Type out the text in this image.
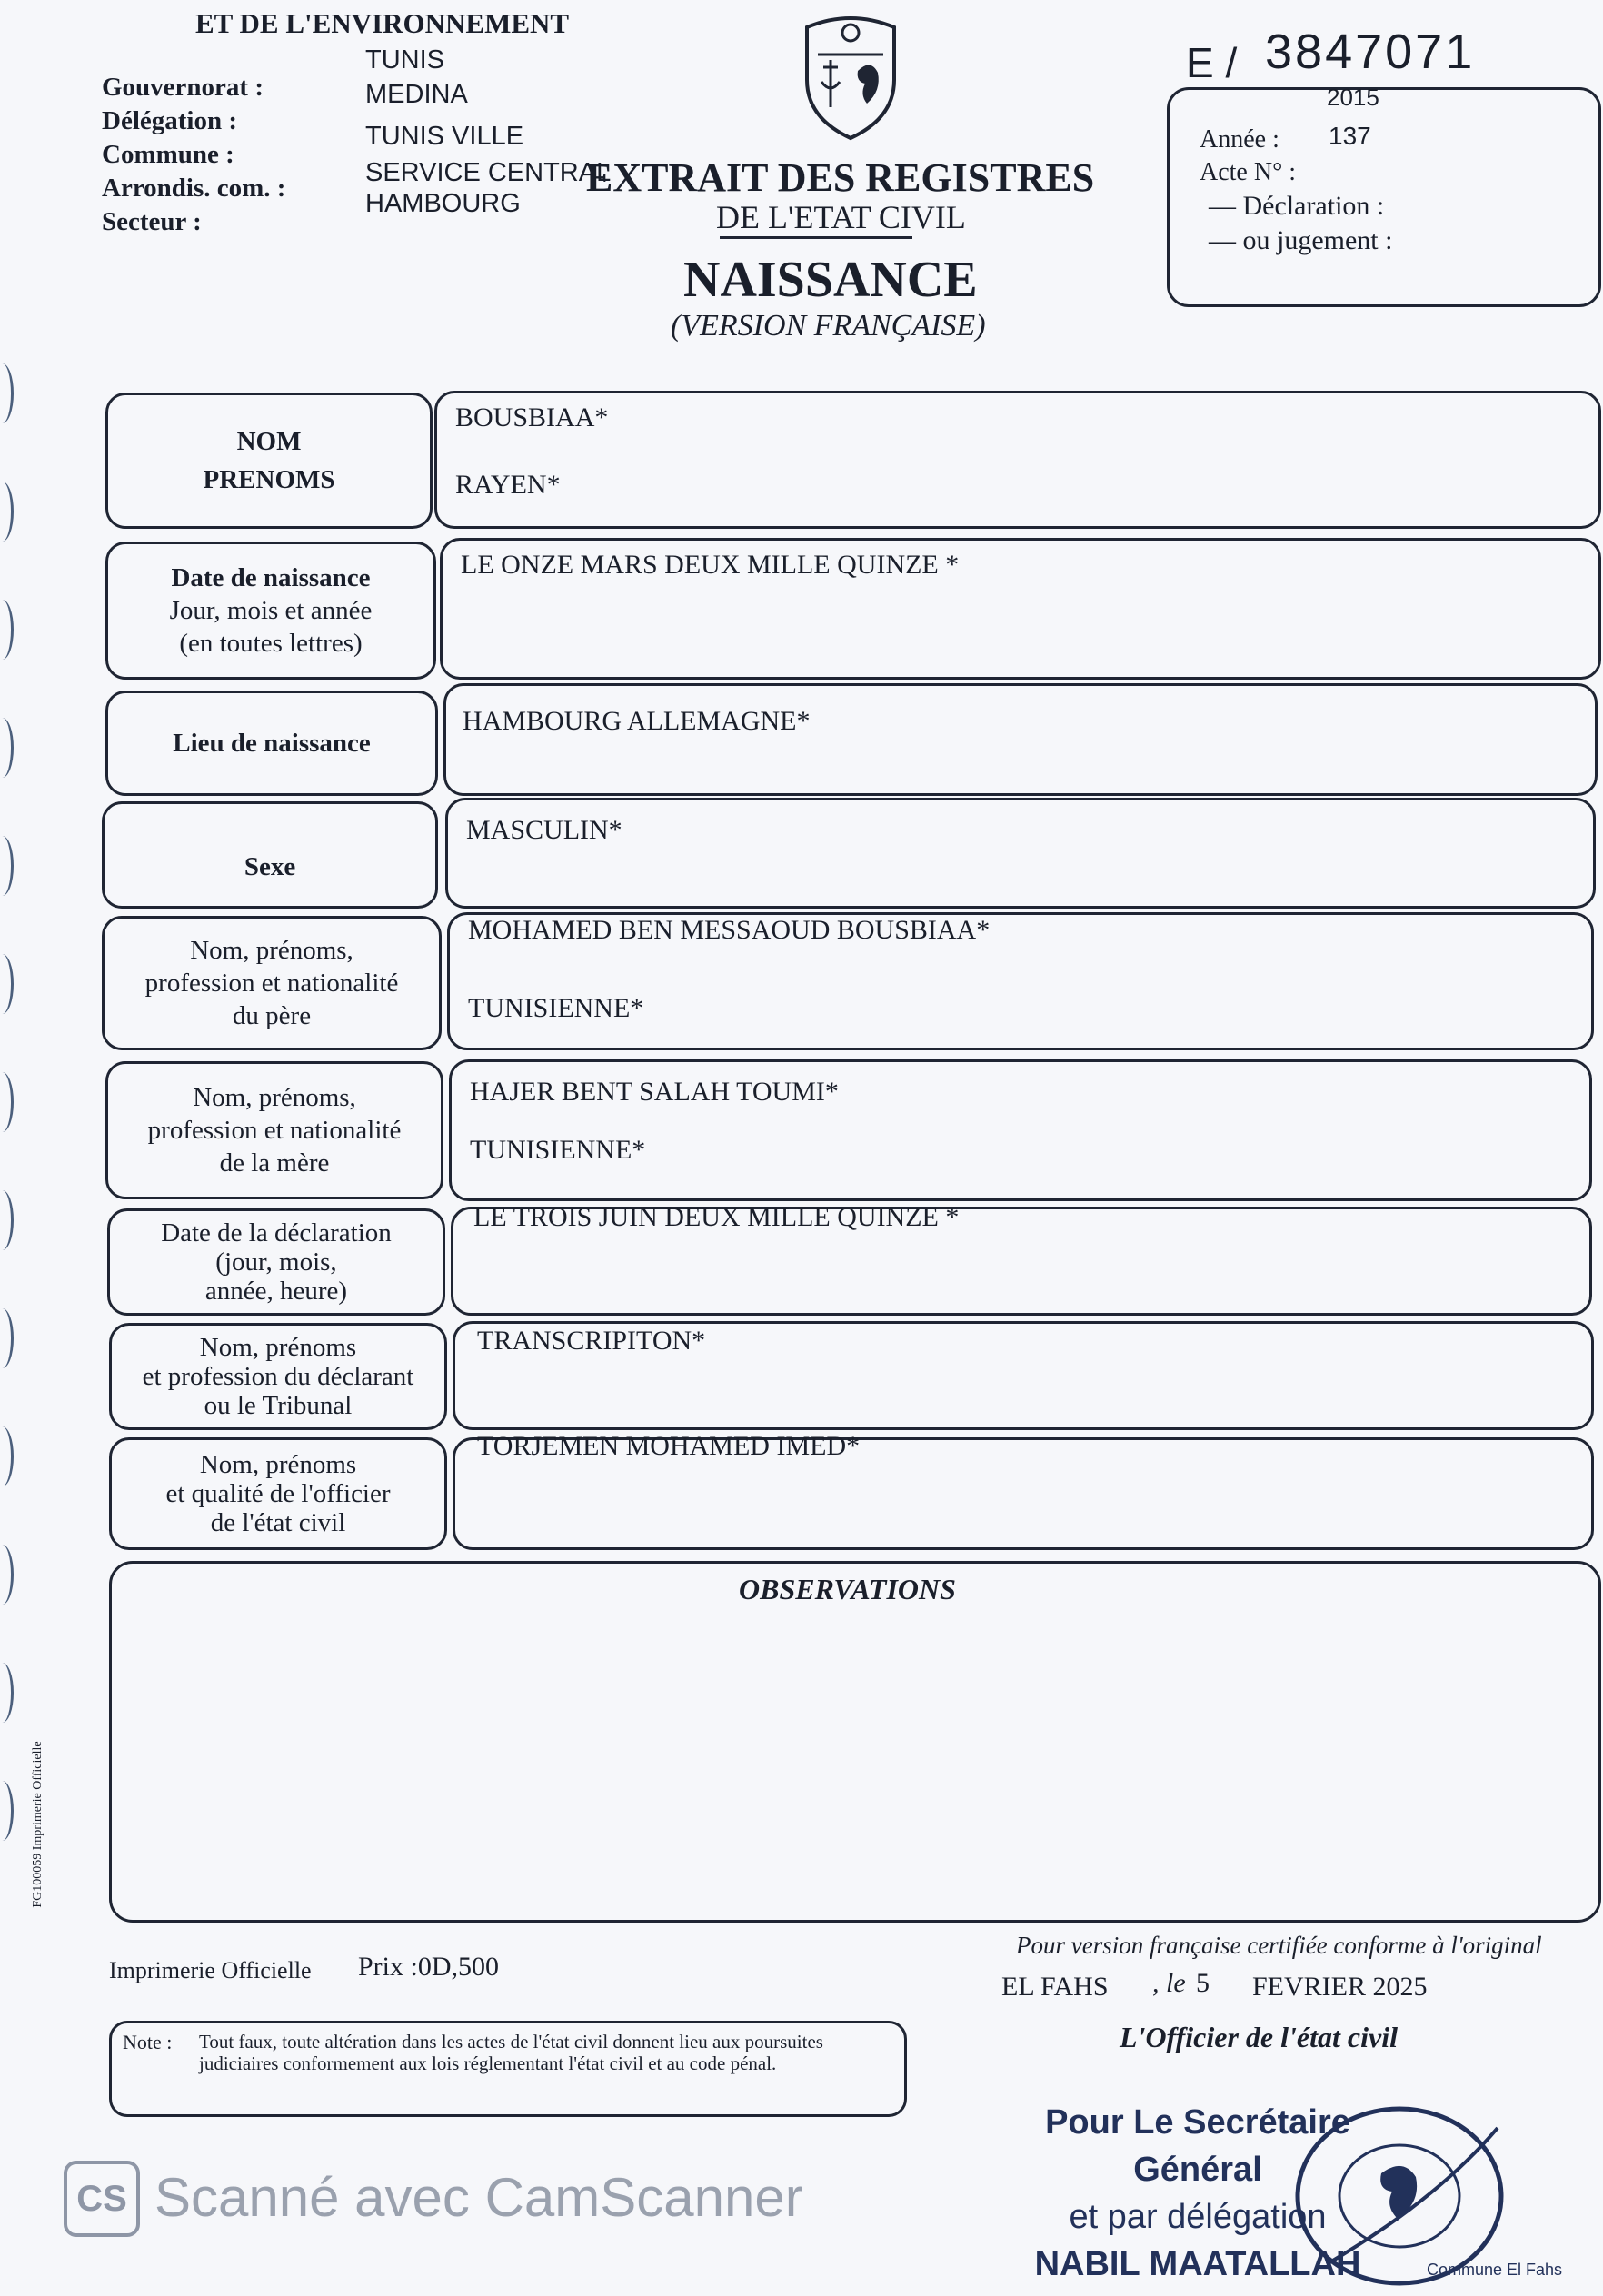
ET DE L'ENVIRONNEMENT
Gouvernorat :
Délégation :
Commune :
Arrondis. com. :
Secteur :
TUNIS
MEDINA
TUNIS VILLE
SERVICE CENTRAL
HAMBOURG
EXTRAIT DES REGISTRES
DE L'ETAT CIVIL
NAISSANCE
(VERSION FRANÇAISE)
E / 3847071
2015
Année : 137
Acte N° :
— Déclaration :
— ou jugement :
NOM
PRENOMS
BOUSBIAA*
RAYEN*
Date de naissance
Jour, mois et année
(en toutes lettres)
LE ONZE MARS DEUX MILLE QUINZE *
Lieu de naissance
HAMBOURG ALLEMAGNE*
Sexe
MASCULIN*
Nom, prénoms,
profession et nationalité
du père
MOHAMED BEN MESSAOUD BOUSBIAA*
TUNISIENNE*
Nom, prénoms,
profession et nationalité
de la mère
HAJER BENT SALAH TOUMI*
TUNISIENNE*
Date de la déclaration
(jour, mois,
année, heure)
LE TROIS JUIN DEUX MILLE QUINZE *
Nom, prénoms
et profession du déclarant
ou le Tribunal
TRANSCRIPITON*
Nom, prénoms
et qualité de l'officier
de l'état civil
TORJEMEN MOHAMED IMED*
OBSERVATIONS
FG100059 Imprimerie Officielle
Imprimerie Officielle Prix :0D,500
Note : Tout faux, toute altération dans les actes de l'état civil donnent lieu aux poursuites judiciaires conformement aux lois réglementant l'état civil et au code pénal.
Pour version française certifiée conforme à l'original
EL FAHS , le 5 FEVRIER 2025
L'Officier de l'état civil
Pour Le Secrétaire
Général
et par délégation
NABIL MAATALLAH	Commune El Fahs
CS Scanné avec CamScanner
